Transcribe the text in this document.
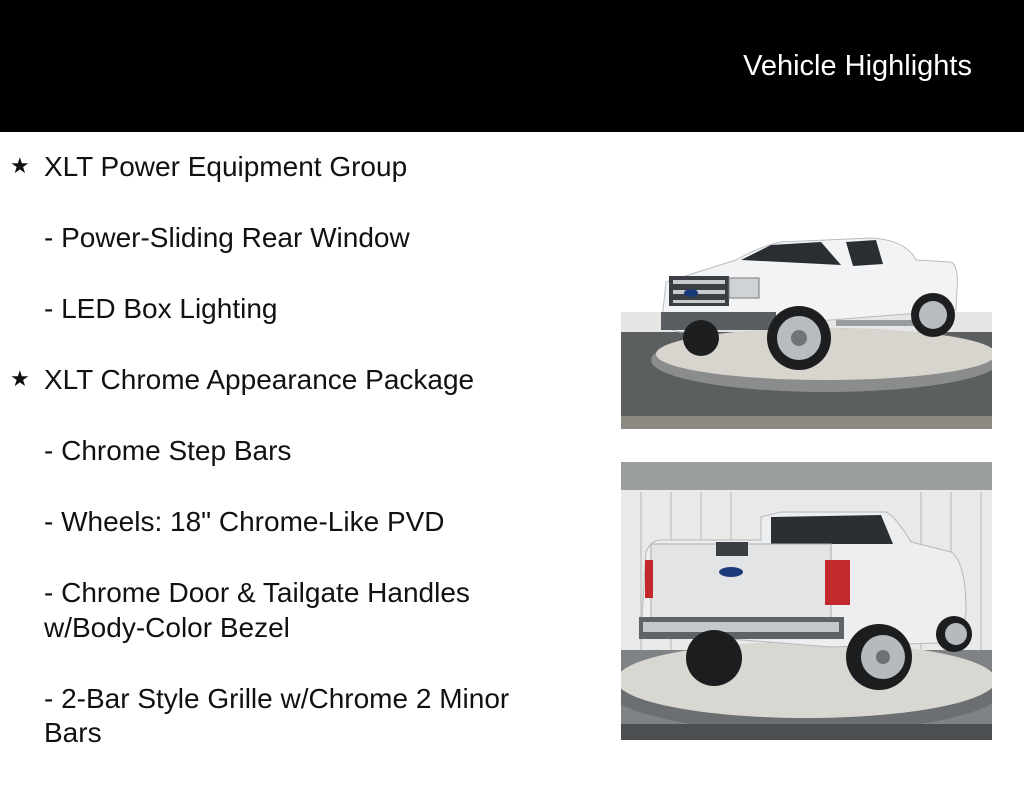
Vehicle Highlights
★ XLT Power Equipment Group
- Power-Sliding Rear Window
- LED Box Lighting
★ XLT Chrome Appearance Package
- Chrome Step Bars
- Wheels: 18" Chrome-Like PVD
- Chrome Door & Tailgate Handles w/Body-Color Bezel
- 2-Bar Style Grille w/Chrome 2 Minor Bars
